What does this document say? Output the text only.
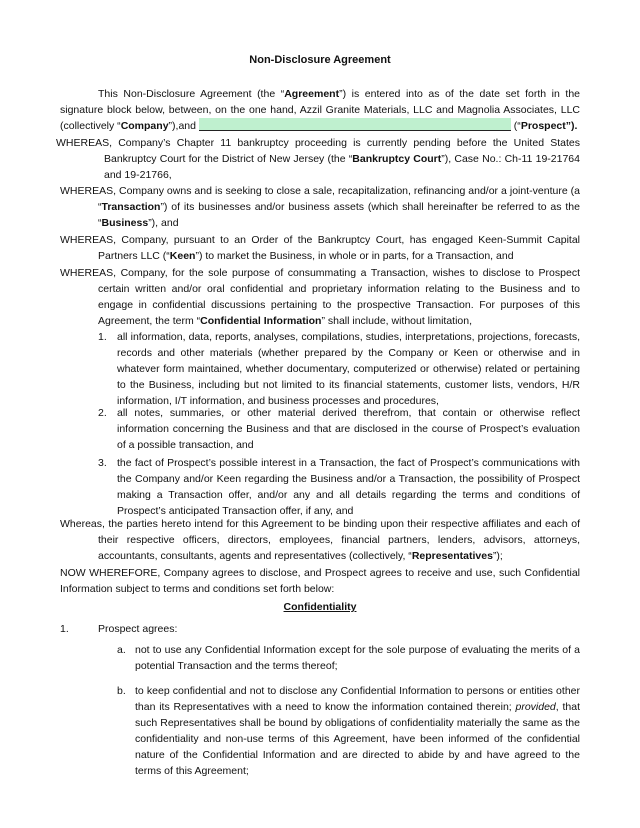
Non-Disclosure Agreement
This Non-Disclosure Agreement (the “Agreement”) is entered into as of the date set forth in the signature block below, between, on the one hand, Azzil Granite Materials, LLC and Magnolia Associates, LLC (collectively “Company”),and	(“Prospect”).
WHEREAS, Company’s Chapter 11 bankruptcy proceeding is currently pending before the United States Bankruptcy Court for the District of New Jersey (the “Bankruptcy Court”), Case No.: Ch-11 19-21764 and 19-21766,
WHEREAS, Company owns and is seeking to close a sale, recapitalization, refinancing and/or a joint-venture (a “Transaction”) of its businesses and/or business assets (which shall hereinafter be referred to as the “Business”), and
WHEREAS, Company, pursuant to an Order of the Bankruptcy Court, has engaged Keen-Summit Capital Partners LLC (“Keen”) to market the Business, in whole or in parts, for a Transaction, and
WHEREAS, Company, for the sole purpose of consummating a Transaction, wishes to disclose to Prospect certain written and/or oral confidential and proprietary information relating to the Business and to engage in confidential discussions pertaining to the prospective Transaction. For purposes of this Agreement, the term “Confidential Information” shall include, without limitation,
1. all information, data, reports, analyses, compilations, studies, interpretations, projections, forecasts, records and other materials (whether prepared by the Company or Keen or otherwise and in whatever form maintained, whether documentary, computerized or otherwise) related or pertaining to the Business, including but not limited to its financial statements, customer lists, vendors, H/R information, I/T information, and business processes and procedures,
2. all notes, summaries, or other material derived therefrom, that contain or otherwise reflect information concerning the Business and that are disclosed in the course of Prospect’s evaluation of a possible transaction, and
3. the fact of Prospect’s possible interest in a Transaction, the fact of Prospect’s communications with the Company and/or Keen regarding the Business and/or a Transaction, the possibility of Prospect making a Transaction offer, and/or any and all details regarding the terms and conditions of Prospect’s anticipated Transaction offer, if any, and
Whereas, the parties hereto intend for this Agreement to be binding upon their respective affiliates and each of their respective officers, directors, employees, financial partners, lenders, advisors, attorneys, accountants, consultants, agents and representatives (collectively, “Representatives”);
NOW WHEREFORE, Company agrees to disclose, and Prospect agrees to receive and use, such Confidential Information subject to terms and conditions set forth below:
Confidentiality
1.	Prospect agrees:
a. not to use any Confidential Information except for the sole purpose of evaluating the merits of a potential Transaction and the terms thereof;
b. to keep confidential and not to disclose any Confidential Information to persons or entities other than its Representatives with a need to know the information contained therein; provided, that such Representatives shall be bound by obligations of confidentiality materially the same as the confidentiality and non-use terms of this Agreement, have been informed of the confidential nature of the Confidential Information and are directed to abide by and have agreed to the terms of this Agreement;
